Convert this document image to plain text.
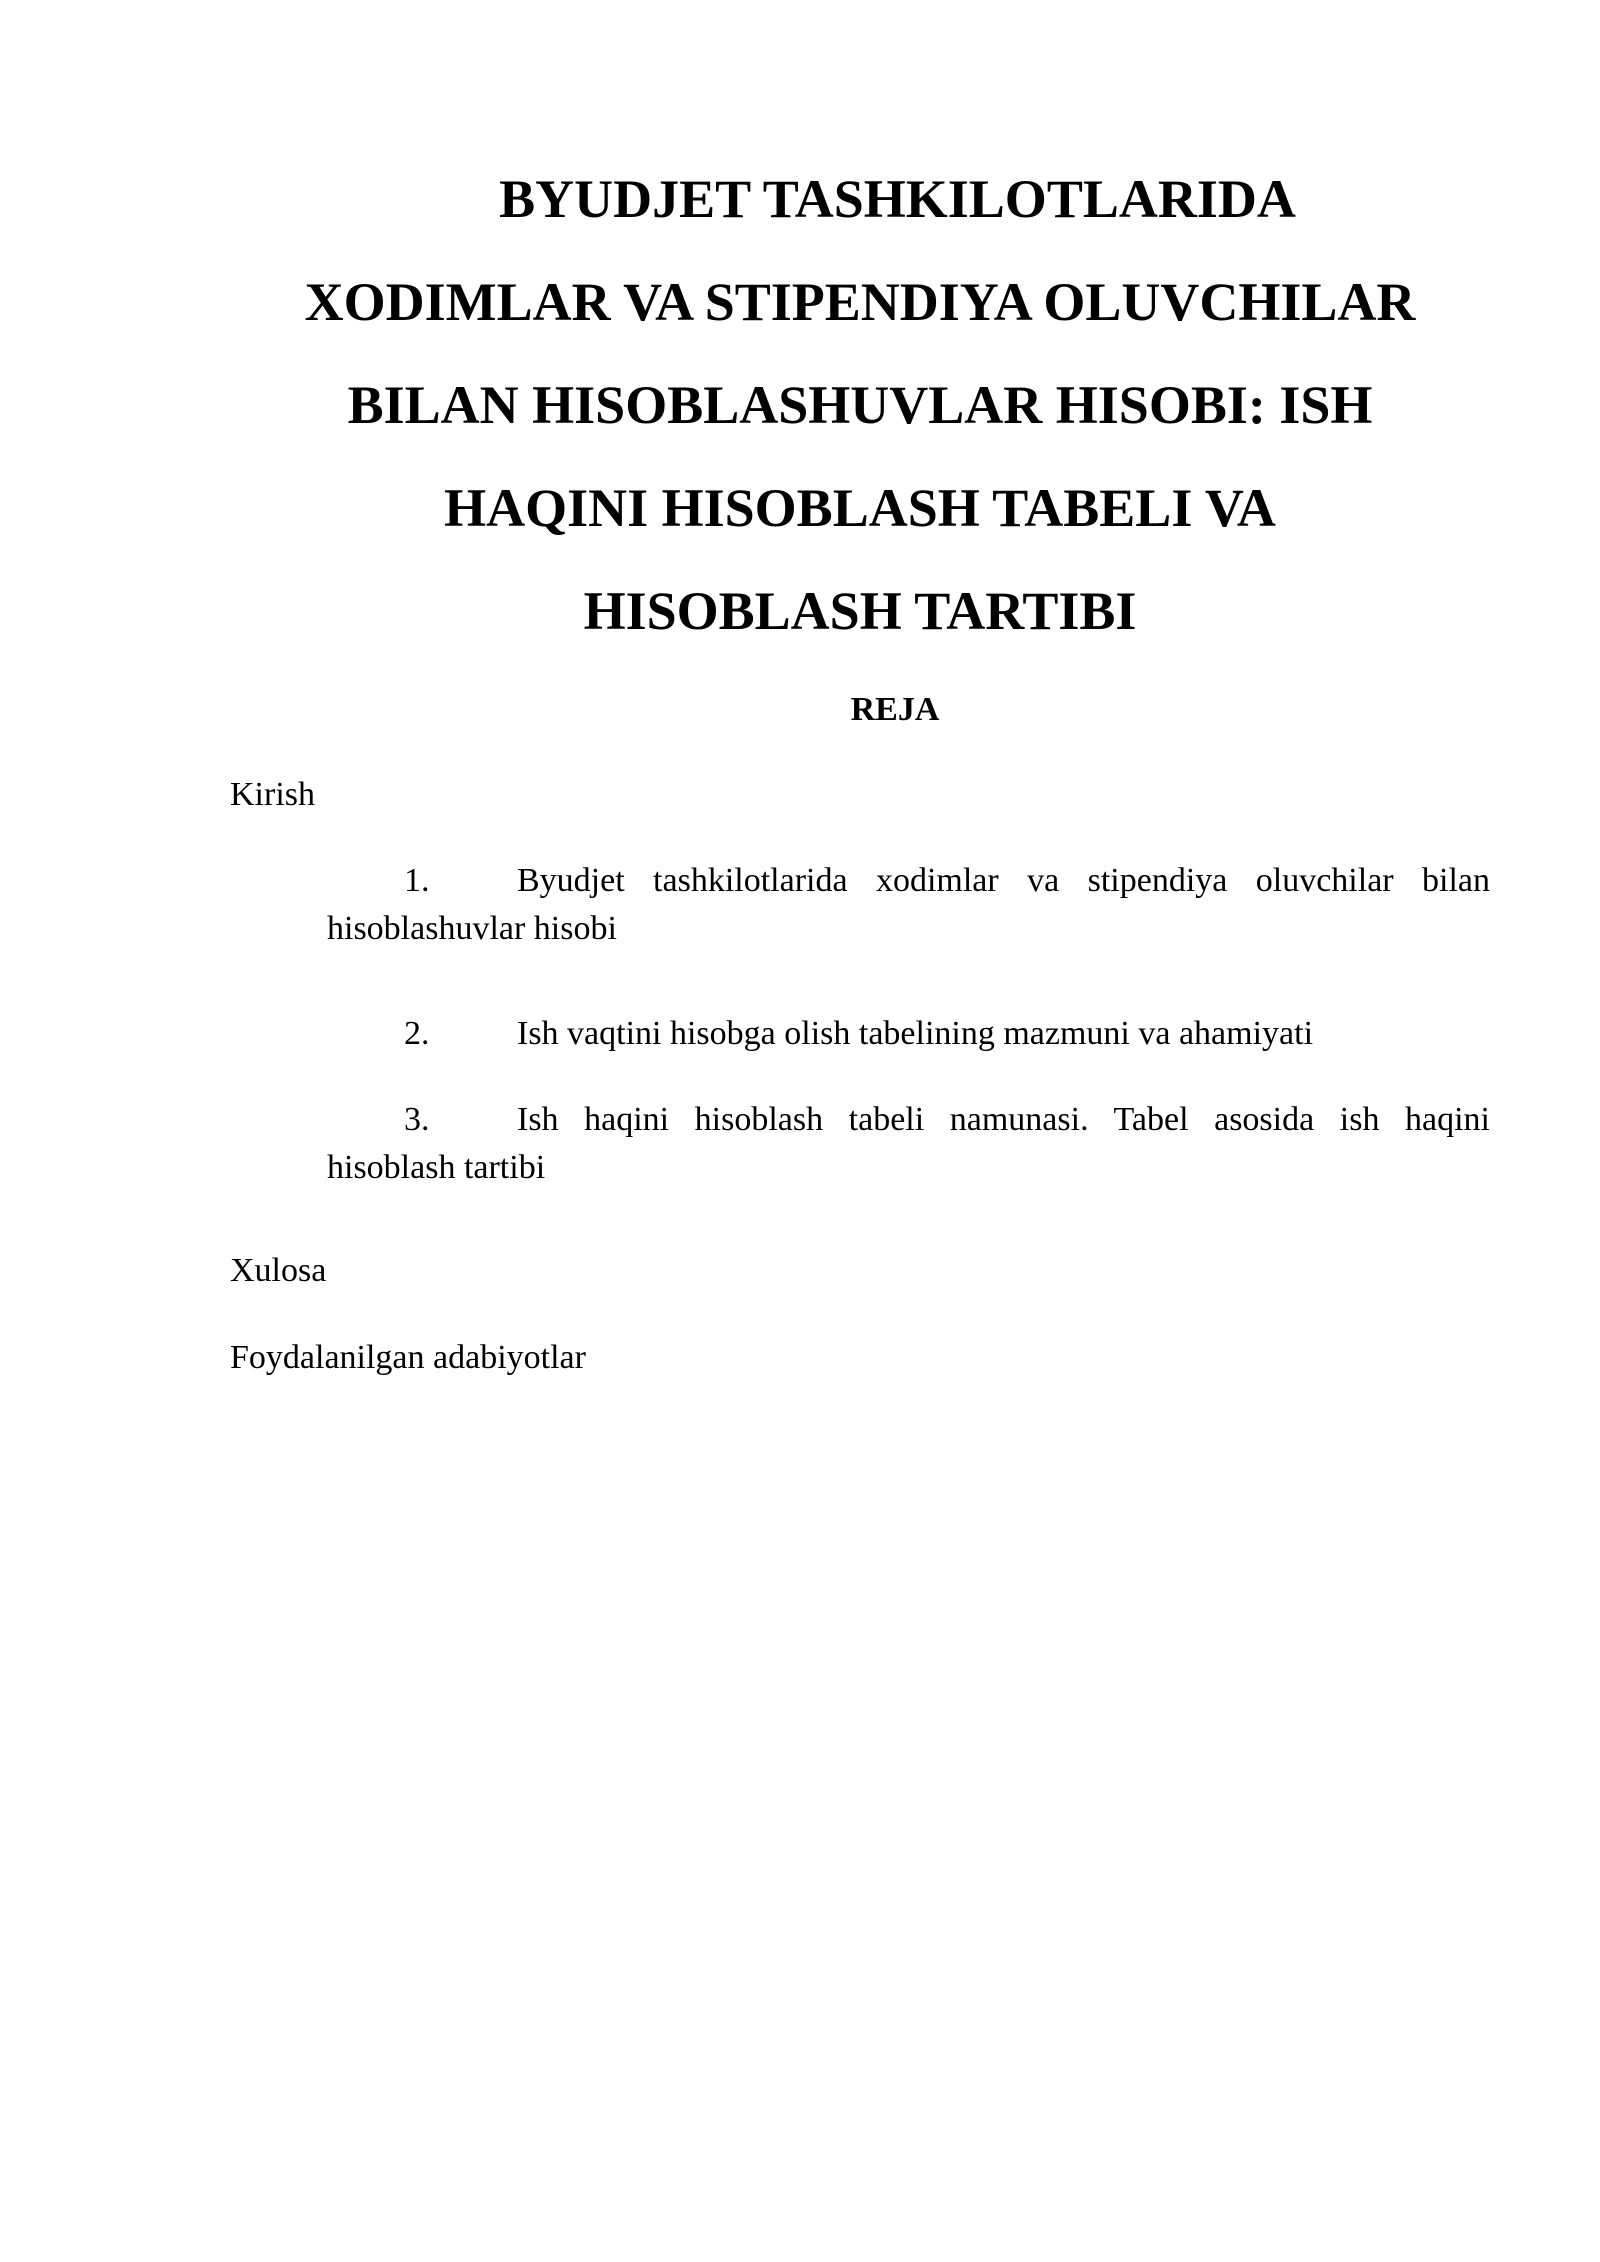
BYUDJET TASHKILOTLARIDA
XODIMLAR VA STIPENDIYA OLUVCHILAR
BILAN HISOBLASHUVLAR HISOBI: ISH
HAQINI HISOBLASH TABELI VA
HISOBLASH TARTIBI
REJA
Kirish
1.	Byudjet tashkilotlarida xodimlar va stipendiya oluvchilar bilan hisoblashuvlar hisobi
2.	Ish vaqtini hisobga olish tabelining mazmuni va ahamiyati
3.	Ish haqini hisoblash tabeli namunasi. Tabel asosida ish haqini hisoblash tartibi
Xulosa
Foydalanilgan adabiyotlar
